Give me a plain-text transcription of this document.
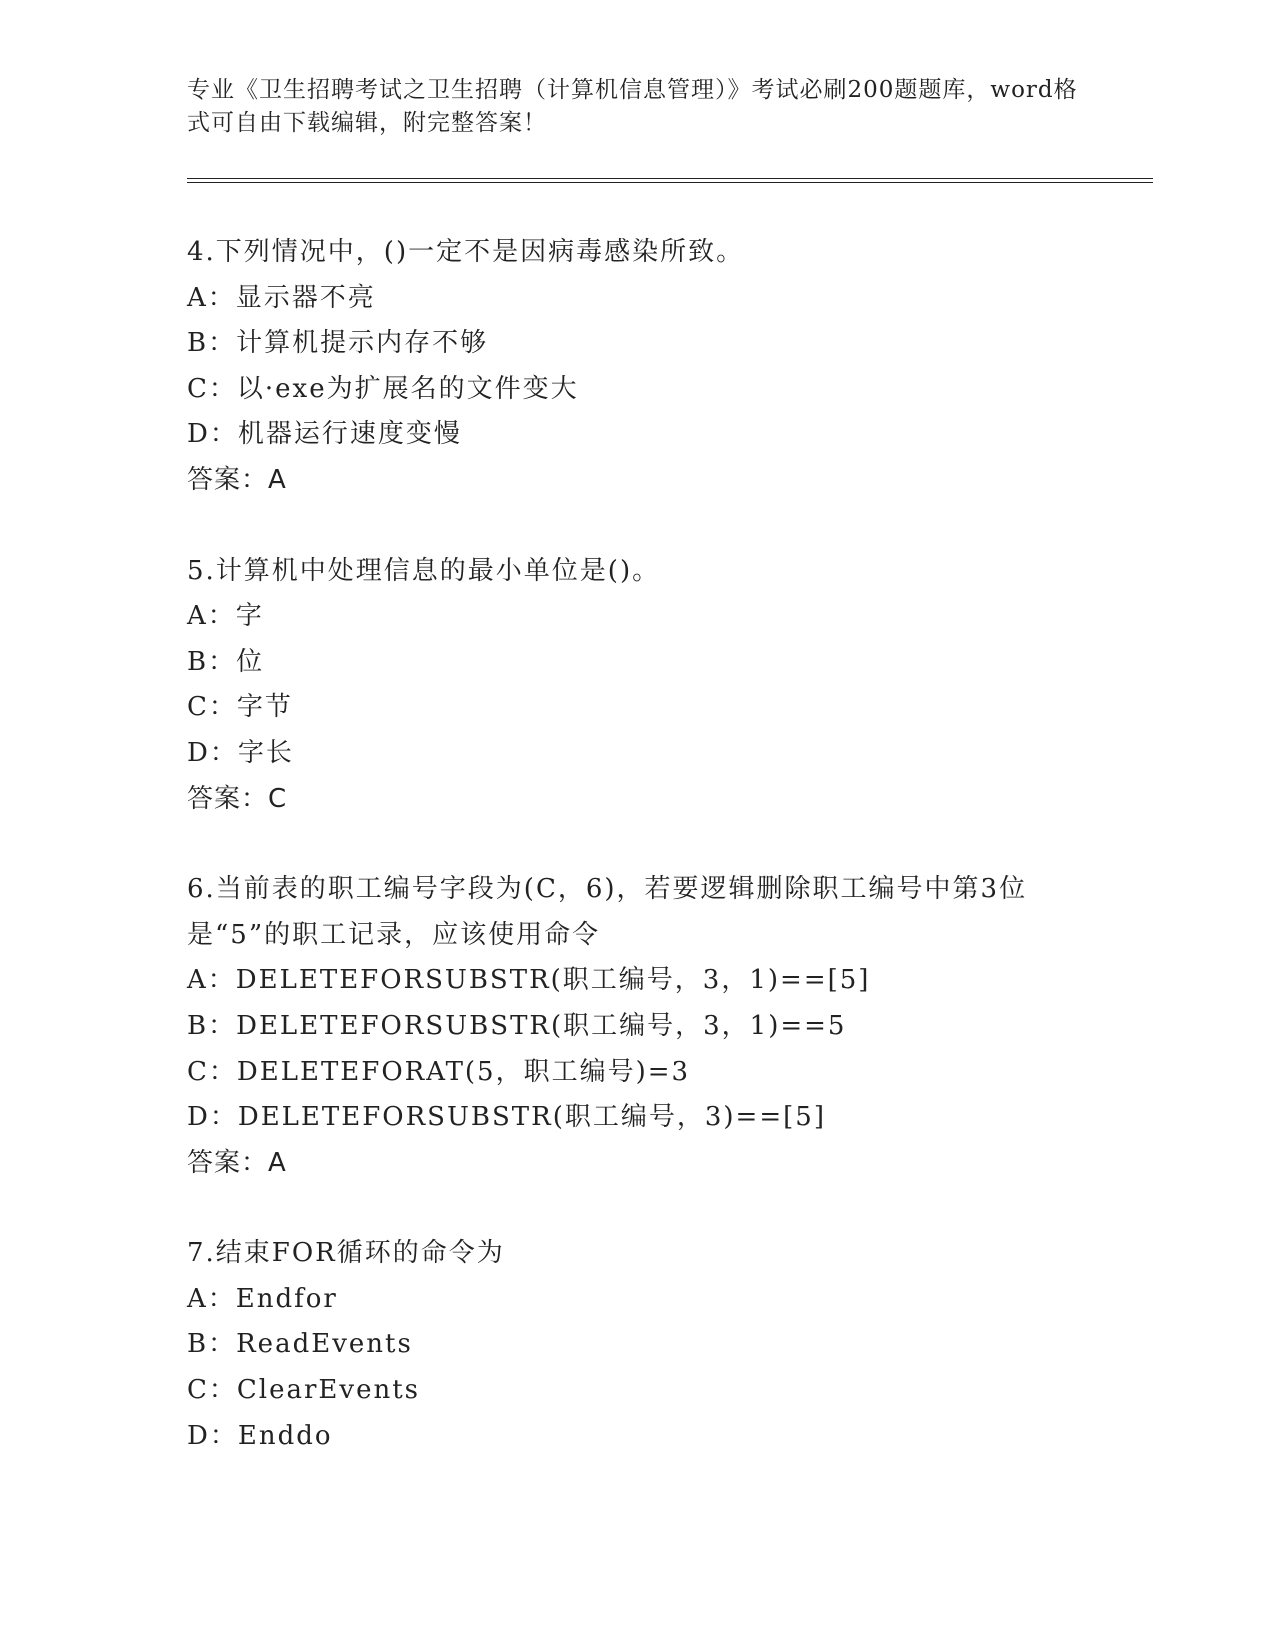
专业《卫生招聘考试之卫生招聘（计算机信息管理）》考试必刷200题题库，word格式可自由下载编辑，附完整答案！
4.下列情况中，()一定不是因病毒感染所致。
A：显示器不亮
B：计算机提示内存不够
C：以·exe为扩展名的文件变大
D：机器运行速度变慢
答案：A
5.计算机中处理信息的最小单位是()。
A：字
B：位
C：字节
D：字长
答案：C
6.当前表的职工编号字段为(C，6)，若要逻辑删除职工编号中第3位是“5”的职工记录，应该使用命令
A：DELETEFORSUBSTR(职工编号，3，1)==[5]
B：DELETEFORSUBSTR(职工编号，3，1)==5
C：DELETEFORAT(5，职工编号)=3
D：DELETEFORSUBSTR(职工编号，3)==[5]
答案：A
7.结束FOR循环的命令为
A：Endfor
B：ReadEvents
C：ClearEvents
D：Enddo
